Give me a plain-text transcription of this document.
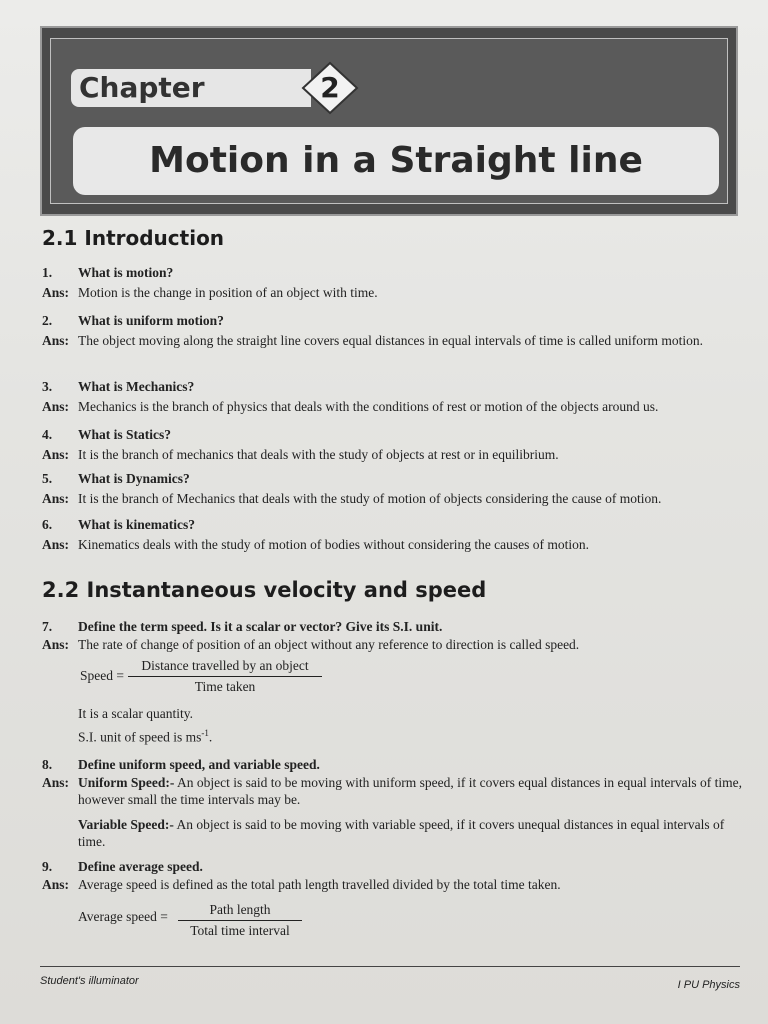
Chapter	2
Motion in a Straight line
2.1 Introduction
1. What is motion?
Ans: Motion is the change in position of an object with time.
2. What is uniform motion?
Ans: The object moving along the straight line covers equal distances in equal intervals of time is called uniform motion.
3. What is Mechanics?
Ans: Mechanics is the branch of physics that deals with the conditions of rest or motion of the objects around us.
4. What is Statics?
Ans: It is the branch of mechanics that deals with the study of objects at rest or in equilibrium.
5. What is Dynamics?
Ans: It is the branch of Mechanics that deals with the study of motion of objects considering the cause of motion.
6. What is kinematics?
Ans: Kinematics deals with the study of motion of bodies without considering the causes of motion.
2.2 Instantaneous velocity and speed
7. Define the term speed. Is it a scalar or vector? Give its S.I. unit.
Ans: The rate of change of position of an object without any reference to direction is called speed.
Speed =
Distance travelled by an object
Time taken
It is a scalar quantity.
S.I. unit of speed is $ms^{-1}$.
8. Define uniform speed, and variable speed.
Ans: Uniform Speed:- An object is said to be moving with uniform speed, if it covers equal distances in equal intervals of time, however small the time intervals may be.
Variable Speed:- An object is said to be moving with variable speed, if it covers unequal distances in equal intervals of time.
9. Define average speed.
Ans: Average speed is defined as the total path length travelled divided by the total time taken.
Average speed =	Path length
Total time interval
Student's illuminator	I PU Physics
